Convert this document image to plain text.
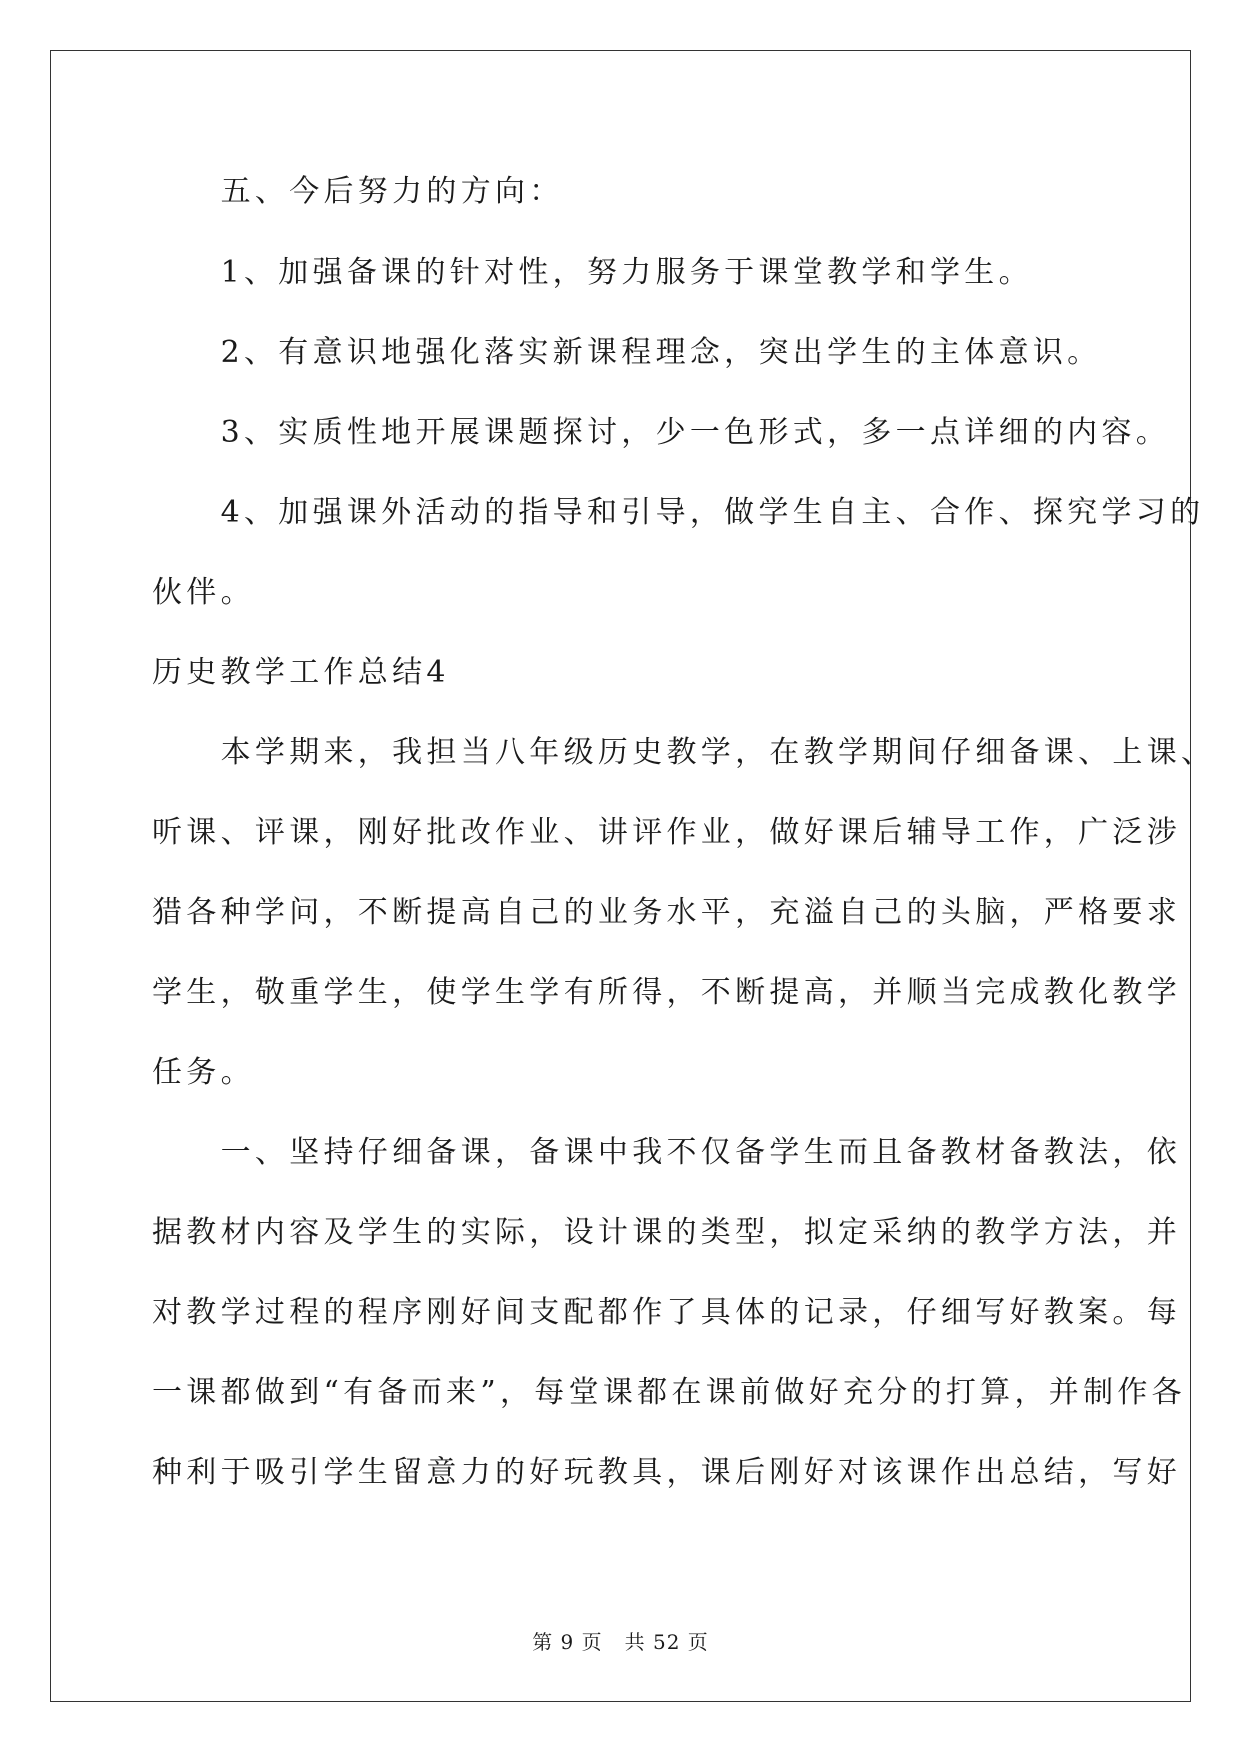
　　五、今后努力的方向：
　　1、加强备课的针对性，努力服务于课堂教学和学生。
　　2、有意识地强化落实新课程理念，突出学生的主体意识。
　　3、实质性地开展课题探讨，少一色形式，多一点详细的内容。
　　4、加强课外活动的指导和引导，做学生自主、合作、探究学习的
伙伴。
历史教学工作总结4
　　本学期来，我担当八年级历史教学，在教学期间仔细备课、上课、
听课、评课，刚好批改作业、讲评作业，做好课后辅导工作，广泛涉
猎各种学问，不断提高自己的业务水平，充溢自己的头脑，严格要求
学生，敬重学生，使学生学有所得，不断提高，并顺当完成教化教学
任务。
　　一、坚持仔细备课，备课中我不仅备学生而且备教材备教法，依
据教材内容及学生的实际，设计课的类型，拟定采纳的教学方法，并
对教学过程的程序刚好间支配都作了具体的记录，仔细写好教案。每
一课都做到“有备而来”，每堂课都在课前做好充分的打算，并制作各
种利于吸引学生留意力的好玩教具，课后刚好对该课作出总结，写好
第 9 页 共 52 页
